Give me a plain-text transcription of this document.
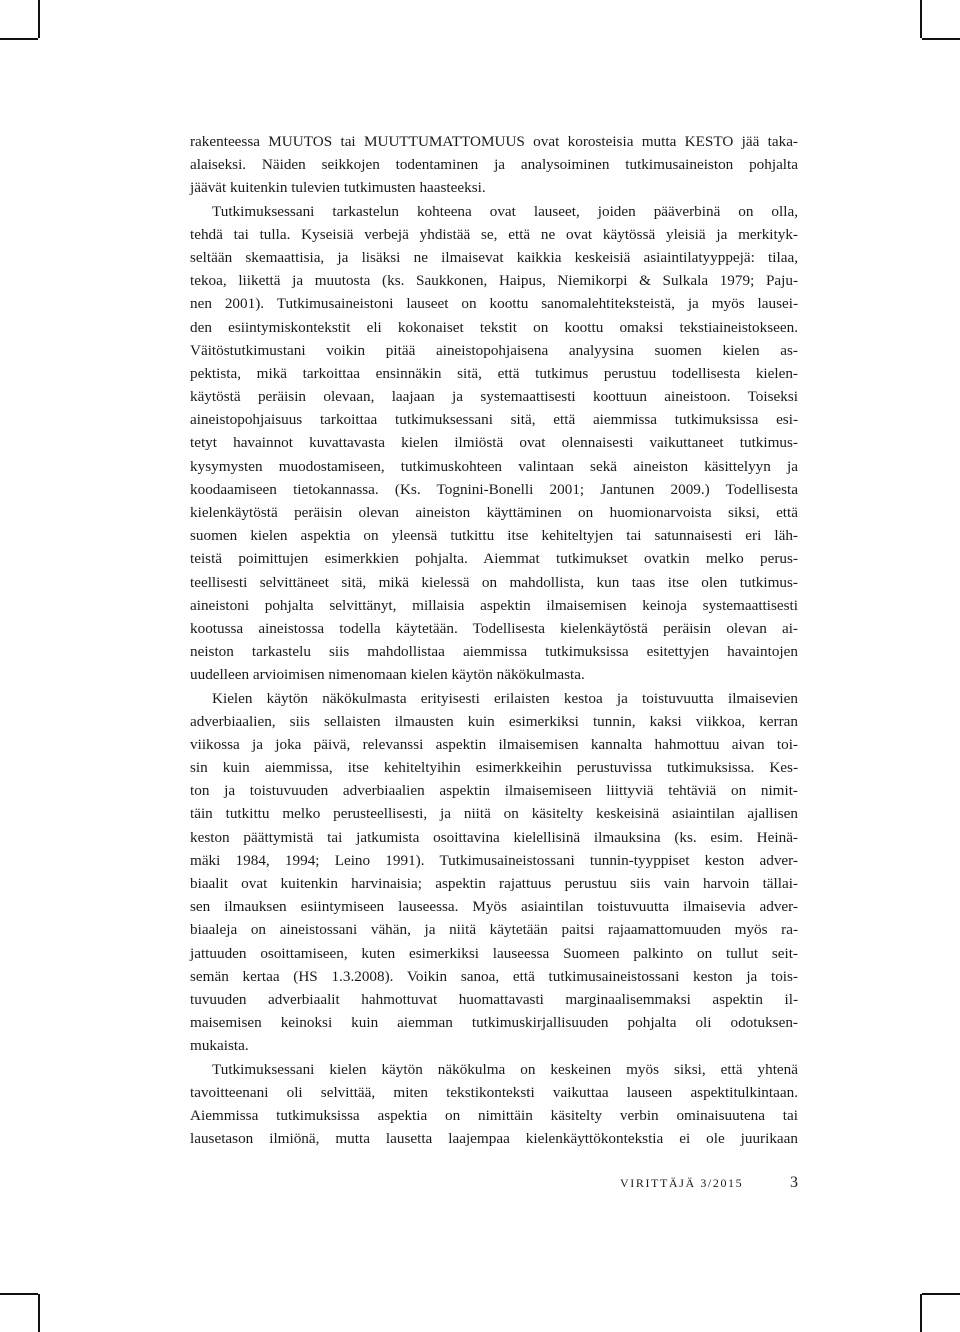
rakenteessa MUUTOS tai MUUTTUMATTOMUUS ovat korosteisia mutta KESTO jää taka-
alaiseksi. Näiden seikkojen todentaminen ja analysoiminen tutkimusaineiston pohjalta
jäävät kuitenkin tulevien tutkimusten haasteeksi.
Tutkimuksessani tarkastelun kohteena ovat lauseet, joiden pääverbinä on olla,
tehdä tai tulla. Kyseisiä verbejä yhdistää se, että ne ovat käytössä yleisiä ja merkityk-
seltään skemaattisia, ja lisäksi ne ilmaisevat kaikkia keskeisiä asiaintilatyyppejä: tilaa,
tekoa, liikettä ja muutosta (ks. Saukkonen, Haipus, Niemikorpi & Sulkala 1979; Paju-
nen 2001). Tutkimusaineistoni lauseet on koottu sanomalehtiteksteistä, ja myös lausei-
den esiintymiskontekstit eli kokonaiset tekstit on koottu omaksi tekstiaineistokseen.
Väitöstutkimustani voikin pitää aineistopohjaisena analyysina suomen kielen as-
pektista, mikä tarkoittaa ensinnäkin sitä, että tutkimus perustuu todellisesta kielen-
käytöstä peräisin olevaan, laajaan ja systemaattisesti koottuun aineistoon. Toiseksi
aineistopohjaisuus tarkoittaa tutkimuksessani sitä, että aiemmissa tutkimuksissa esi-
tetyt havainnot kuvattavasta kielen ilmiöstä ovat olennaisesti vaikuttaneet tutkimus-
kysymysten muodostamiseen, tutkimuskohteen valintaan sekä aineiston käsittelyyn ja
koodaamiseen tietokannassa. (Ks. Tognini-Bonelli 2001; Jantunen 2009.) Todellisesta
kielenkäytöstä peräisin olevan aineiston käyttäminen on huomionarvoista siksi, että
suomen kielen aspektia on yleensä tutkittu itse kehiteltyjen tai satunnaisesti eri läh-
teistä poimittujen esimerkkien pohjalta. Aiemmat tutkimukset ovatkin melko perus-
teellisesti selvittäneet sitä, mikä kielessä on mahdollista, kun taas itse olen tutkimus-
aineistoni pohjalta selvittänyt, millaisia aspektin ilmaisemisen keinoja systemaattisesti
kootussa aineistossa todella käytetään. Todellisesta kielenkäytöstä peräisin olevan ai-
neiston tarkastelu siis mahdollistaa aiemmissa tutkimuksissa esitettyjen havaintojen
uudelleen arvioimisen nimenomaan kielen käytön näkökulmasta.
Kielen käytön näkökulmasta erityisesti erilaisten kestoa ja toistuvuutta ilmaisevien
adverbiaalien, siis sellaisten ilmausten kuin esimerkiksi tunnin, kaksi viikkoa, kerran
viikossa ja joka päivä, relevanssi aspektin ilmaisemisen kannalta hahmottuu aivan toi-
sin kuin aiemmissa, itse kehiteltyihin esimerkkeihin perustuvissa tutkimuksissa. Kes-
ton ja toistuvuuden adverbiaalien aspektin ilmaisemiseen liittyviä tehtäviä on nimit-
täin tutkittu melko perusteellisesti, ja niitä on käsitelty keskeisinä asiaintilan ajallisen
keston päättymistä tai jatkumista osoittavina kielellisinä ilmauksina (ks. esim. Heinä-
mäki 1984, 1994; Leino 1991). Tutkimusaineistossani tunnin-tyyppiset keston adver-
biaalit ovat kuitenkin harvinaisia; aspektin rajattuus perustuu siis vain harvoin tällai-
sen ilmauksen esiintymiseen lauseessa. Myös asiaintilan toistuvuutta ilmaisevia adver-
biaaleja on aineistossani vähän, ja niitä käytetään paitsi rajaamattomuuden myös ra-
jattuuden osoittamiseen, kuten esimerkiksi lauseessa Suomeen palkinto on tullut seit-
semän kertaa (HS 1.3.2008). Voikin sanoa, että tutkimusaineistossani keston ja tois-
tuvuuden adverbiaalit hahmottuvat huomattavasti marginaalisemmaksi aspektin il-
maisemisen keinoksi kuin aiemman tutkimuskirjallisuuden pohjalta oli odotuksen-
mukaista.
Tutkimuksessani kielen käytön näkökulma on keskeinen myös siksi, että yhtenä
tavoitteenani oli selvittää, miten tekstikonteksti vaikuttaa lauseen aspektitulkintaan.
Aiemmissa tutkimuksissa aspektia on nimittäin käsitelty verbin ominaisuutena tai
lausetason ilmiönä, mutta lausetta laajempaa kielenkäyttökontekstia ei ole juurikaan
VIRITTÄJÄ 3/2015	3
